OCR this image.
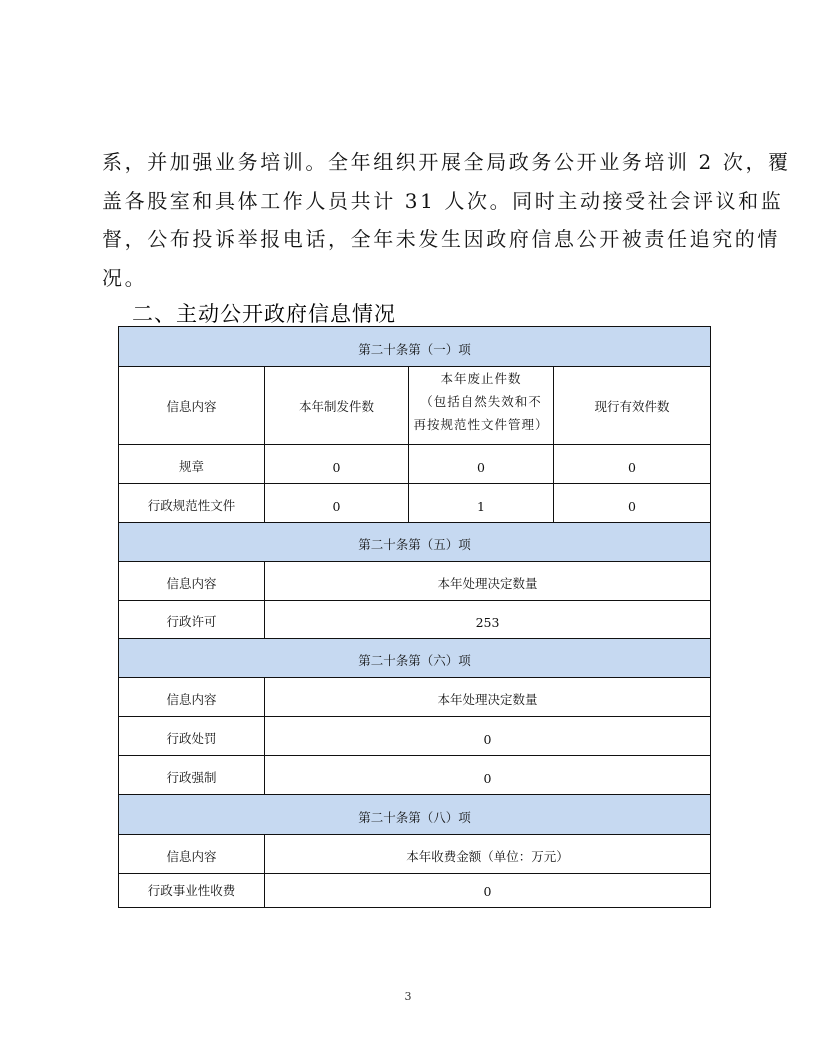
系，并加强业务培训。全年组织开展全局政务公开业务培训 2 次，覆
盖各股室和具体工作人员共计 31 人次。同时主动接受社会评议和监
督，公布投诉举报电话，全年未发生因政府信息公开被责任追究的情
况。
二、主动公开政府信息情况
第二十条第（一）项			
信息内容	本年制发件数	本年废止件数
（包括自然失效和不
再按规范性文件管理）	现行有效件数
规章	0	0	0
行政规范性文件	0	1	0
第二十条第（五）项			
信息内容	本年处理决定数量		
行政许可	253		
第二十条第（六）项			
信息内容	本年处理决定数量		
行政处罚	0		
行政强制	0		
第二十条第（八）项			
信息内容	本年收费金额（单位：万元）		
行政事业性收费	0		
3
